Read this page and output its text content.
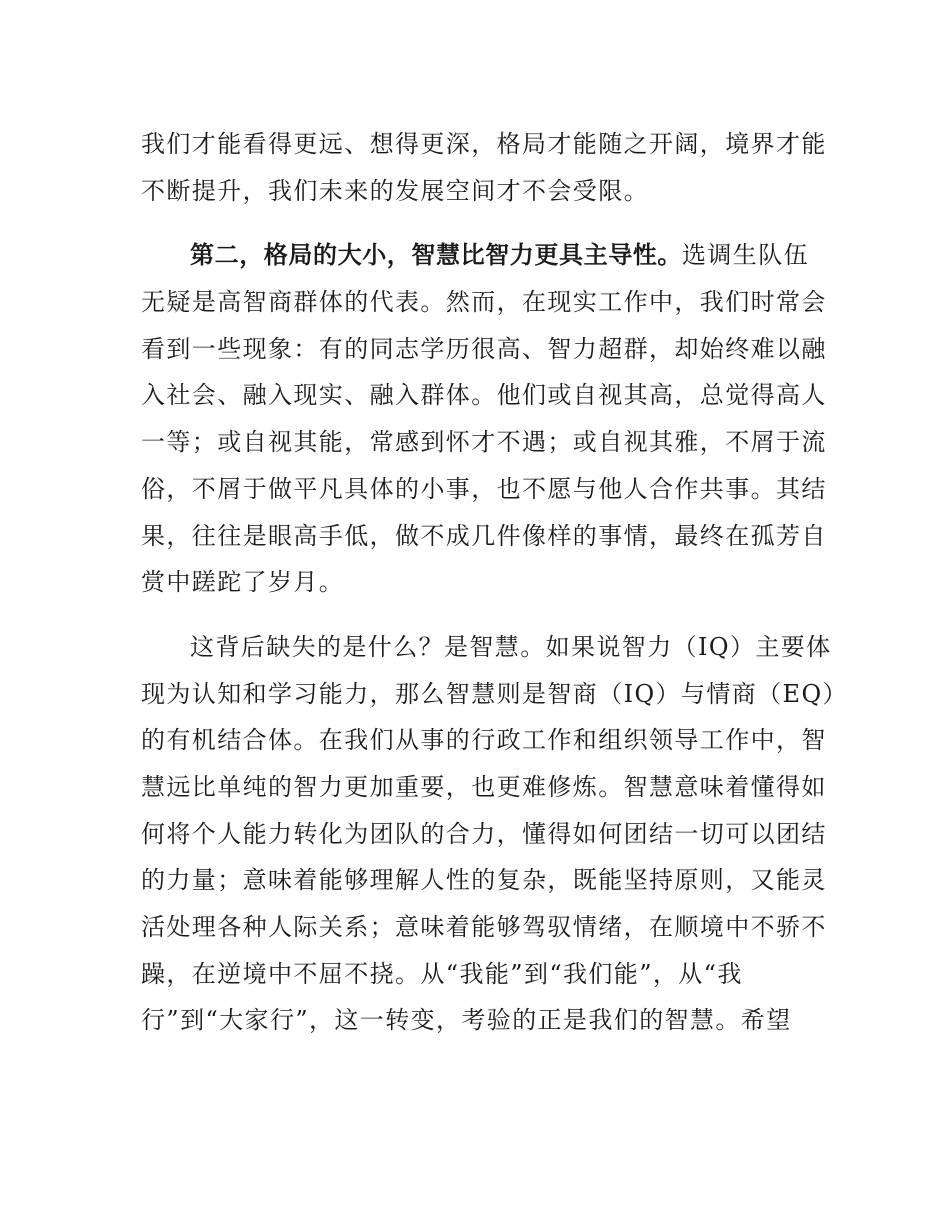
我们才能看得更远、想得更深，格局才能随之开阔，境界才能
不断提升，我们未来的发展空间才不会受限。
第二，格局的大小，智慧比智力更具主导性。选调生队伍
无疑是高智商群体的代表。然而，在现实工作中，我们时常会
看到一些现象：有的同志学历很高、智力超群，却始终难以融
入社会、融入现实、融入群体。他们或自视其高，总觉得高人
一等；或自视其能，常感到怀才不遇；或自视其雅，不屑于流
俗，不屑于做平凡具体的小事，也不愿与他人合作共事。其结
果，往往是眼高手低，做不成几件像样的事情，最终在孤芳自
赏中蹉跎了岁月。
这背后缺失的是什么？是智慧。如果说智力（IQ）主要体
现为认知和学习能力，那么智慧则是智商（IQ）与情商（EQ）
的有机结合体。在我们从事的行政工作和组织领导工作中，智
慧远比单纯的智力更加重要，也更难修炼。智慧意味着懂得如
何将个人能力转化为团队的合力，懂得如何团结一切可以团结
的力量；意味着能够理解人性的复杂，既能坚持原则，又能灵
活处理各种人际关系；意味着能够驾驭情绪，在顺境中不骄不
躁，在逆境中不屈不挠。从“我能”到“我们能”，从“我
行”到“大家行”，这一转变，考验的正是我们的智慧。希望
